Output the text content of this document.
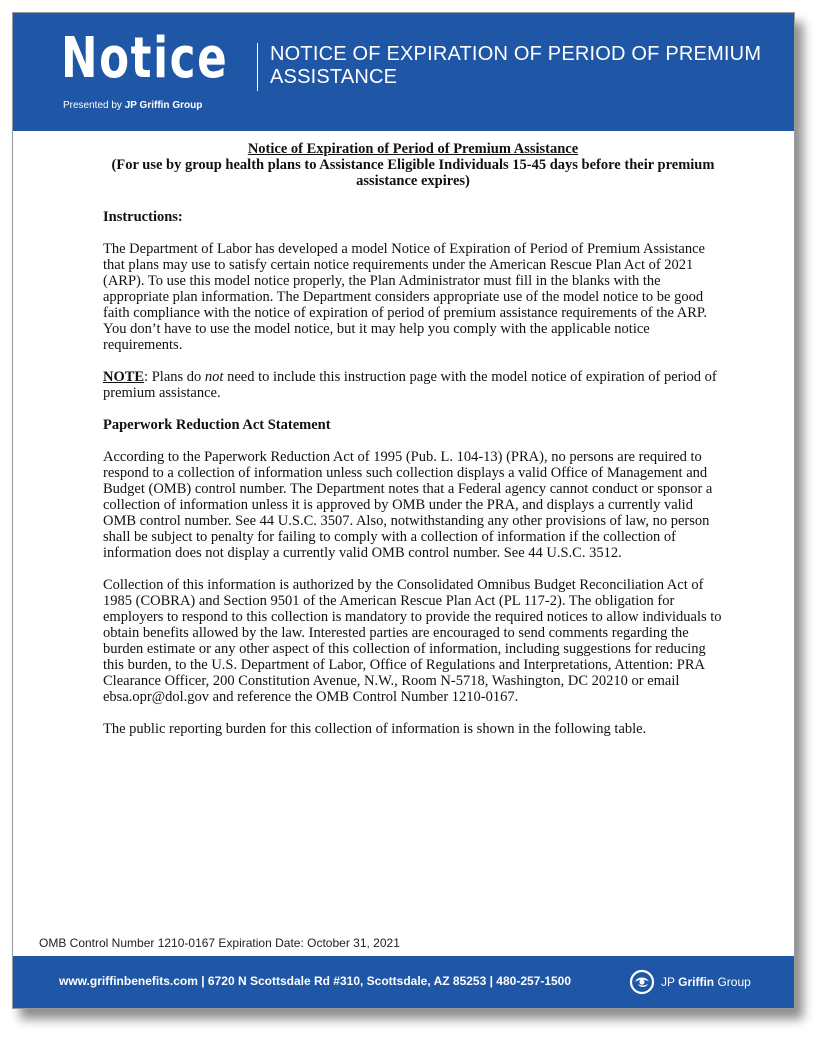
Notice
Presented by JP Griffin Group
NOTICE OF EXPIRATION OF PERIOD OF PREMIUM ASSISTANCE

Notice of Expiration of Period of Premium Assistance

(For use by group health plans to Assistance Eligible Individuals 15-45 days before their premium assistance expires)

Instructions:

The Department of Labor has developed a model Notice of Expiration of Period of Premium Assistance that plans may use to satisfy certain notice requirements under the American Rescue Plan Act of 2021 (ARP). To use this model notice properly, the Plan Administrator must fill in the blanks with the appropriate plan information. The Department considers appropriate use of the model notice to be good faith compliance with the notice of expiration of period of premium assistance requirements of the ARP. You don’t have to use the model notice, but it may help you comply with the applicable notice requirements.

NOTE: Plans do not need to include this instruction page with the model notice of expiration of period of premium assistance.

Paperwork Reduction Act Statement

According to the Paperwork Reduction Act of 1995 (Pub. L. 104-13) (PRA), no persons are required to respond to a collection of information unless such collection displays a valid Office of Management and Budget (OMB) control number. The Department notes that a Federal agency cannot conduct or sponsor a collection of information unless it is approved by OMB under the PRA, and displays a currently valid OMB control number. See 44 U.S.C. 3507. Also, notwithstanding any other provisions of law, no person shall be subject to penalty for failing to comply with a collection of information if the collection of information does not display a currently valid OMB control number. See 44 U.S.C. 3512.

Collection of this information is authorized by the Consolidated Omnibus Budget Reconciliation Act of 1985 (COBRA) and Section 9501 of the American Rescue Plan Act (PL 117-2). The obligation for employers to respond to this collection is mandatory to provide the required notices to allow individuals to obtain benefits allowed by the law. Interested parties are encouraged to send comments regarding the burden estimate or any other aspect of this collection of information, including suggestions for reducing this burden, to the U.S. Department of Labor, Office of Regulations and Interpretations, Attention: PRA Clearance Officer, 200 Constitution Avenue, N.W., Room N-5718, Washington, DC 20210 or email ebsa.opr@dol.gov and reference the OMB Control Number 1210-0167.

The public reporting burden for this collection of information is shown in the following table.

OMB Control Number 1210-0167 Expiration Date: October 31, 2021
www.griffinbenefits.com | 6720 N Scottsdale Rd #310, Scottsdale, AZ 85253 | 480-257-1500	JP Griffin Group
